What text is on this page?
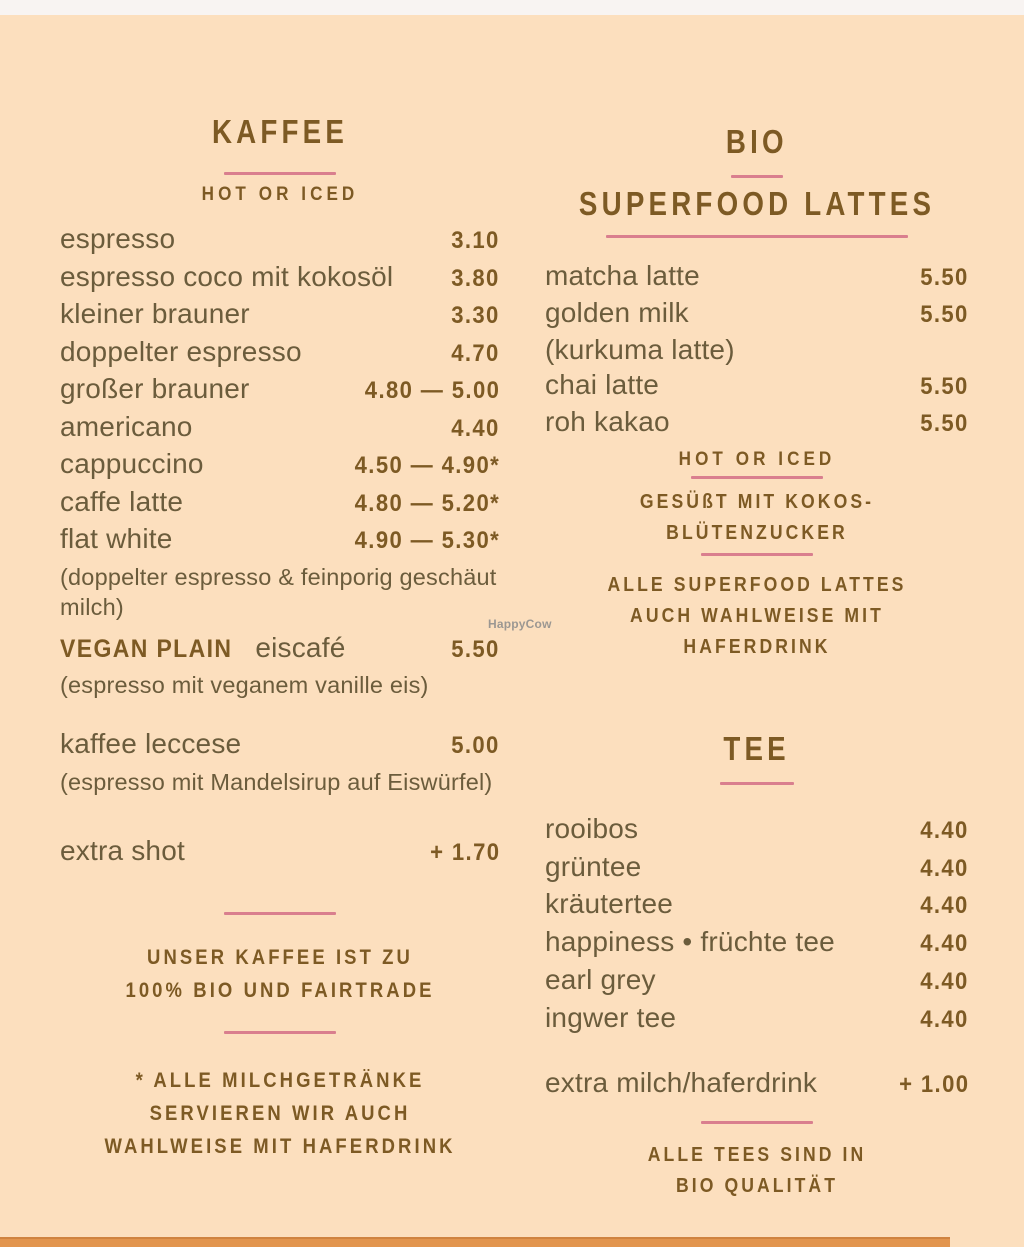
KAFFEE
HOT OR ICED
espresso	3.10
espresso coco mit kokosöl 3.80
kleiner brauner	3.30
doppelter espresso	4.70
großer brauner	4.80 — 5.00
americano	4.40
cappuccino	4.50 — 4.90*
caffe latte	4.80 — 5.20*
flat white	4.90 — 5.30*
(doppelter espresso & feinporig geschäut milch)
VEGAN PLAIN eiscafé	5.50
(espresso mit veganem vanille eis)
kaffee leccese	5.00
(espresso mit Mandelsirup auf Eiswürfel)
extra shot	+ 1.70
UNSER KAFFEE IST ZU
100% BIO UND FAIRTRADE
* ALLE MILCHGETRÄNKE
SERVIEREN WIR AUCH
WAHLWEISE MIT HAFERDRINK
BIO
SUPERFOOD LATTES
matcha latte	5.50
golden milk	5.50
(kurkuma latte)
chai latte	5.50
roh kakao	5.50
HOT OR ICED
GESÜßT MIT KOKOS-
BLÜTENZUCKER
ALLE SUPERFOOD LATTES
AUCH WAHLWEISE MIT
HAFERDRINK
TEE
rooibos	4.40
grüntee	4.40
kräutertee	4.40
happiness • früchte tee	4.40
earl grey	4.40
ingwer tee	4.40
extra milch/haferdrink	+ 1.00
ALLE TEES SIND IN
BIO QUALITÄT
HappyCow
